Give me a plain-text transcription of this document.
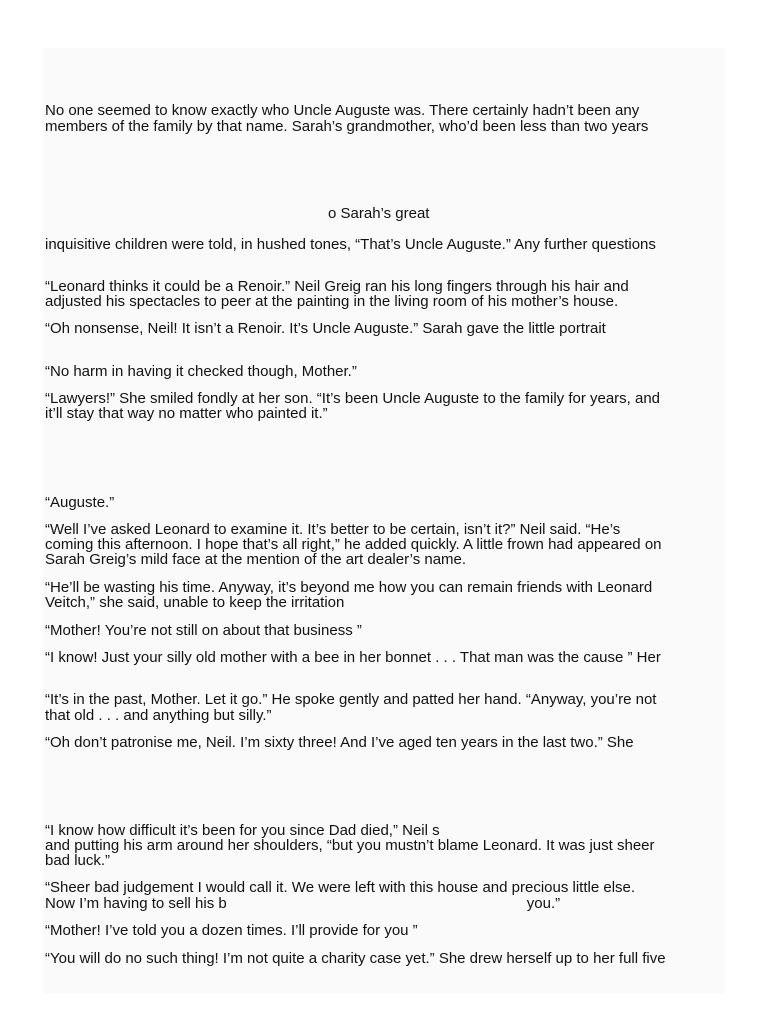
No one seemed to know exactly who Uncle Auguste was. There certainly hadn’t been any
members of the family by that name. Sarah’s grandmother, who’d been less than two years
o Sarah’s great
inquisitive children were told, in hushed tones, “That’s Uncle Auguste.” Any further questions
“Leonard thinks it could be a Renoir.” Neil Greig ran his long fingers through his hair and
adjusted his spectacles to peer at the painting in the living room of his mother’s house.
“Oh nonsense, Neil! It isn’t a Renoir. It’s Uncle Auguste.” Sarah gave the little portrait
“No harm in having it checked though, Mother.”
“Lawyers!” She smiled fondly at her son. “It’s been Uncle Auguste to the family for years, and
it’ll stay that way no matter who painted it.”
“Auguste.”
“Well I’ve asked Leonard to examine it. It’s better to be certain, isn’t it?” Neil said. “He’s
coming this afternoon. I hope that’s all right,” he added quickly. A little frown had appeared on
Sarah Greig’s mild face at the mention of the art dealer’s name.
“He’ll be wasting his time. Anyway, it’s beyond me how you can remain friends with Leonard
Veitch,” she said, unable to keep the irritation
“Mother! You’re not still on about that business ”
“I know! Just your silly old mother with a bee in her bonnet . . . That man was the cause ” Her
“It’s in the past, Mother. Let it go.” He spoke gently and patted her hand. “Anyway, you’re not
that old . . . and anything but silly.”
“Oh don’t patronise me, Neil. I’m sixty three! And I’ve aged ten years in the last two.” She
“I know how difficult it’s been for you since Dad died,” Neil s
and putting his arm around her shoulders, “but you mustn’t blame Leonard. It was just sheer
bad luck.”
“Sheer bad judgement I would call it. We were left with this house and precious little else.
Now I’m having to sell his b                                                                        you.”
“Mother! I’ve told you a dozen times. I’ll provide for you ”
“You will do no such thing! I’m not quite a charity case yet.” She drew herself up to her full five
